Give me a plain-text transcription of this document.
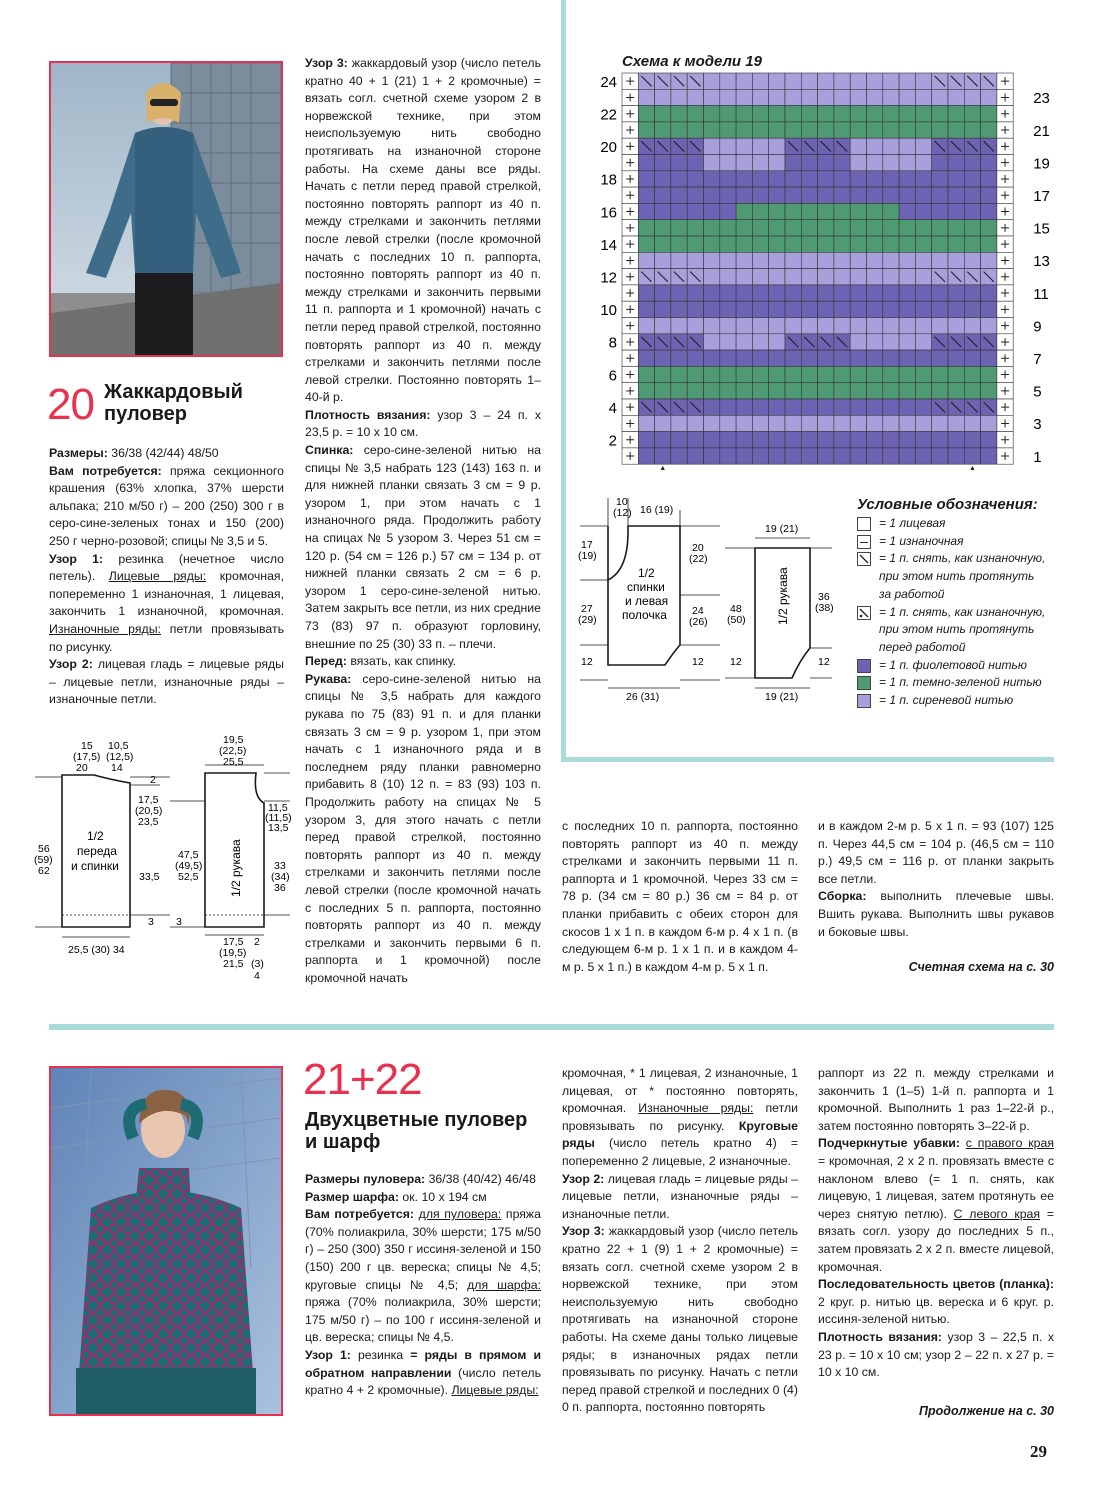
20 Жаккардовый
пуловер

Размеры: 36/38 (42/44) 48/50

Вам потребуется: пряжа секционного крашения (63% хлопка, 37% шерсти альпака; 210 м/50 г) – 200 (250) 300 г в серо-сине-зеленых тонах и 150 (200) 250 г черно-розовой; спицы № 3,5 и 5.

Узор 1: резинка (нечетное число петель). Лицевые ряды: кромочная, попеременно 1 изнаночная, 1 лицевая, закончить 1 изнаночной, кромочная. Изнаночные ряды: петли провязывать по рисунку.

Узор 2: лицевая гладь = лицевые ряды – лицевые петли, изнаночные ряды – изнаночные петли.

15
(17,5)
20
10,5
(12,5)
14
2
17,5
(20,5)
23,5
56
(59)
62
1/2
переда
и спинки
33,5
3
25,5 (30) 34
19,5
(22,5)
25,5
47,5
(49,5)
52,5	1/2 рукава
11,5
(11,5)
13,5
33
(34)
36
3
17,5
(19,5)
21,5
2
(3)
4

Узор 3: жаккардовый узор (число петель кратно 40 + 1 (21) 1 + 2 кромочные) = вязать согл. счетной схеме узором 2 в норвежской технике, при этом неиспользуемую нить свободно протягивать на изнаночной стороне работы. На схеме даны все ряды. Начать с петли перед правой стрелкой, постоянно повторять раппорт из 40 п. между стрелками и закончить петлями после левой стрелки (после кромочной начать с последних 10 п. раппорта, постоянно повторять раппорт из 40 п. между стрелками и закончить первыми 11 п. раппорта и 1 кромочной) начать с петли перед правой стрелкой, постоянно повторять раппорт из 40 п. между стрелками и закончить петлями после левой стрелки. Постоянно повторять 1–40-й р.

Плотность вязания: узор 3 – 24 п. х 23,5 р. = 10 х 10 см.

Спинка: серо-сине-зеленой нитью на спицы № 3,5 набрать 123 (143) 163 п. и для нижней планки связать 3 см = 9 р. узором 1, при этом начать с 1 изнаночного ряда. Продолжить работу на спицах № 5 узором 3. Через 51 см = 120 р. (54 см = 126 р.) 57 см = 134 р. от нижней планки связать 2 см = 6 р. узором 1 серо-сине-зеленой нитью. Затем закрыть все петли, из них средние 73 (83) 97 п. образуют горловину, внешние по 25 (30) 33 п. – плечи.

Перед: вязать, как спинку.

Рукава: серо-сине-зеленой нитью на спицы № 3,5 набрать для каждого рукава по 75 (83) 91 п. и для планки связать 3 см = 9 р. узором 1, при этом начать с 1 изнаночного ряда и в последнем ряду планки равномерно прибавить 8 (10) 12 п. = 83 (93) 103 п. Продолжить работу на спицах № 5 узором 3, для этого начать с петли перед правой стрелкой, постоянно повторять раппорт из 40 п. между стрелками и закончить петлями после левой стрелки (после кромочной начать с последних 5 п. раппорта, постоянно повторять раппорт из 40 п. между стрелками и закончить первыми 6 п. раппорта и 1 кромочной) после кромочной начать

с последних 10 п. раппорта, постоянно повторять раппорт из 40 п. между стрелками и закончить первыми 11 п. раппорта и 1 кромочной. Через 33 см = 78 р. (34 см = 80 р.) 36 см = 84 р. от планки прибавить с обеих сторон для скосов 1 х 1 п. в каждом 6-м р. 4 х 1 п. (в следующем 6-м р. 1 х 1 п. и в каждом 4-м р. 5 х 1 п.) в каждом 4-м р. 5 х 1 п.

и в каждом 2-м р. 5 х 1 п. = 93 (107) 125 п. Через 44,5 см = 104 р. (46,5 см = 110 р.) 49,5 см = 116 р. от планки закрыть все петли.

Сборка: выполнить плечевые швы. Вшить рукава. Выполнить швы рукавов и боковые швы.

Счетная схема на с. 30
Схема к модели 19
24
22
20
18
16
14
12
10
8
6
4
2
23
21
19
17
15
13
11
9
7
5
3
1
10
(12) 16 (19)
17
(19)
27
(29)
12
1/2
спинки
и левая
полочка
20
(22)
24
(26)
12
26 (31)
19 (21)
48
(50)
12
1/2 рукава	36
(38)
12
19 (21)
Условные обозначения:
= 1 лицевая
= 1 изнаночная
= 1 п. снять, как изнаночную,
при этом нить протянуть
за работой
= 1 п. снять, как изнаночную,
при этом нить протянуть
перед работой
= 1 п. фиолетовой нитью
= 1 п. темно-зеленой нитью
= 1 п. сиреневой нитью
21+22
Двухцветные пуловер
и шарф

Размеры пуловера: 36/38 (40/42) 46/48

Размер шарфа: ок. 10 х 194 см

Вам потребуется: для пуловера: пряжа (70% полиакрила, 30% шерсти; 175 м/50 г) – 250 (300) 350 г иссиня-зеленой и 150 (150) 200 г цв. вереска; спицы № 4,5; круговые спицы № 4,5; для шарфа: пряжа (70% полиакрила, 30% шерсти; 175 м/50 г) – по 100 г иссиня-зеленой и цв. вереска; спицы № 4,5.

Узор 1: резинка = ряды в прямом и обратном направлении (число петель кратно 4 + 2 кромочные). Лицевые ряды:

кромочная, * 1 лицевая, 2 изнаночные, 1 лицевая, от * постоянно повторять, кромочная. Изнаночные ряды: петли провязывать по рисунку. Круговые ряды (число петель кратно 4) = попеременно 2 лицевые, 2 изнаночные.

Узор 2: лицевая гладь = лицевые ряды – лицевые петли, изнаночные ряды – изнаночные петли.

Узор 3: жаккардовый узор (число петель кратно 22 + 1 (9) 1 + 2 кромочные) = вязать согл. счетной схеме узором 2 в норвежской технике, при этом неиспользуемую нить свободно протягивать на изнаночной стороне работы. На схеме даны только лицевые ряды; в изнаночных рядах петли провязывать по рисунку. Начать с петли перед правой стрелкой и последних 0 (4) 0 п. раппорта, постоянно повторять

раппорт из 22 п. между стрелками и закончить 1 (1–5) 1-й п. раппорта и 1 кромочной. Выполнить 1 раз 1–22-й р., затем постоянно повторять 3–22-й р.

Подчеркнутые убавки: с правого края = кромочная, 2 х 2 п. провязать вместе с наклоном влево (= 1 п. снять, как лицевую, 1 лицевая, затем протянуть ее через снятую петлю). С левого края = вязать согл. узору до последних 5 п., затем провязать 2 х 2 п. вместе лицевой, кромочная.

Последовательность цветов (планка): 2 круг. р. нитью цв. вереска и 6 круг. р. иссиня-зеленой нитью.

Плотность вязания: узор 3 – 22,5 п. х 23 р. = 10 х 10 см; узор 2 – 22 п. х 27 р. = 10 х 10 см.

Продолжение на с. 30
29
